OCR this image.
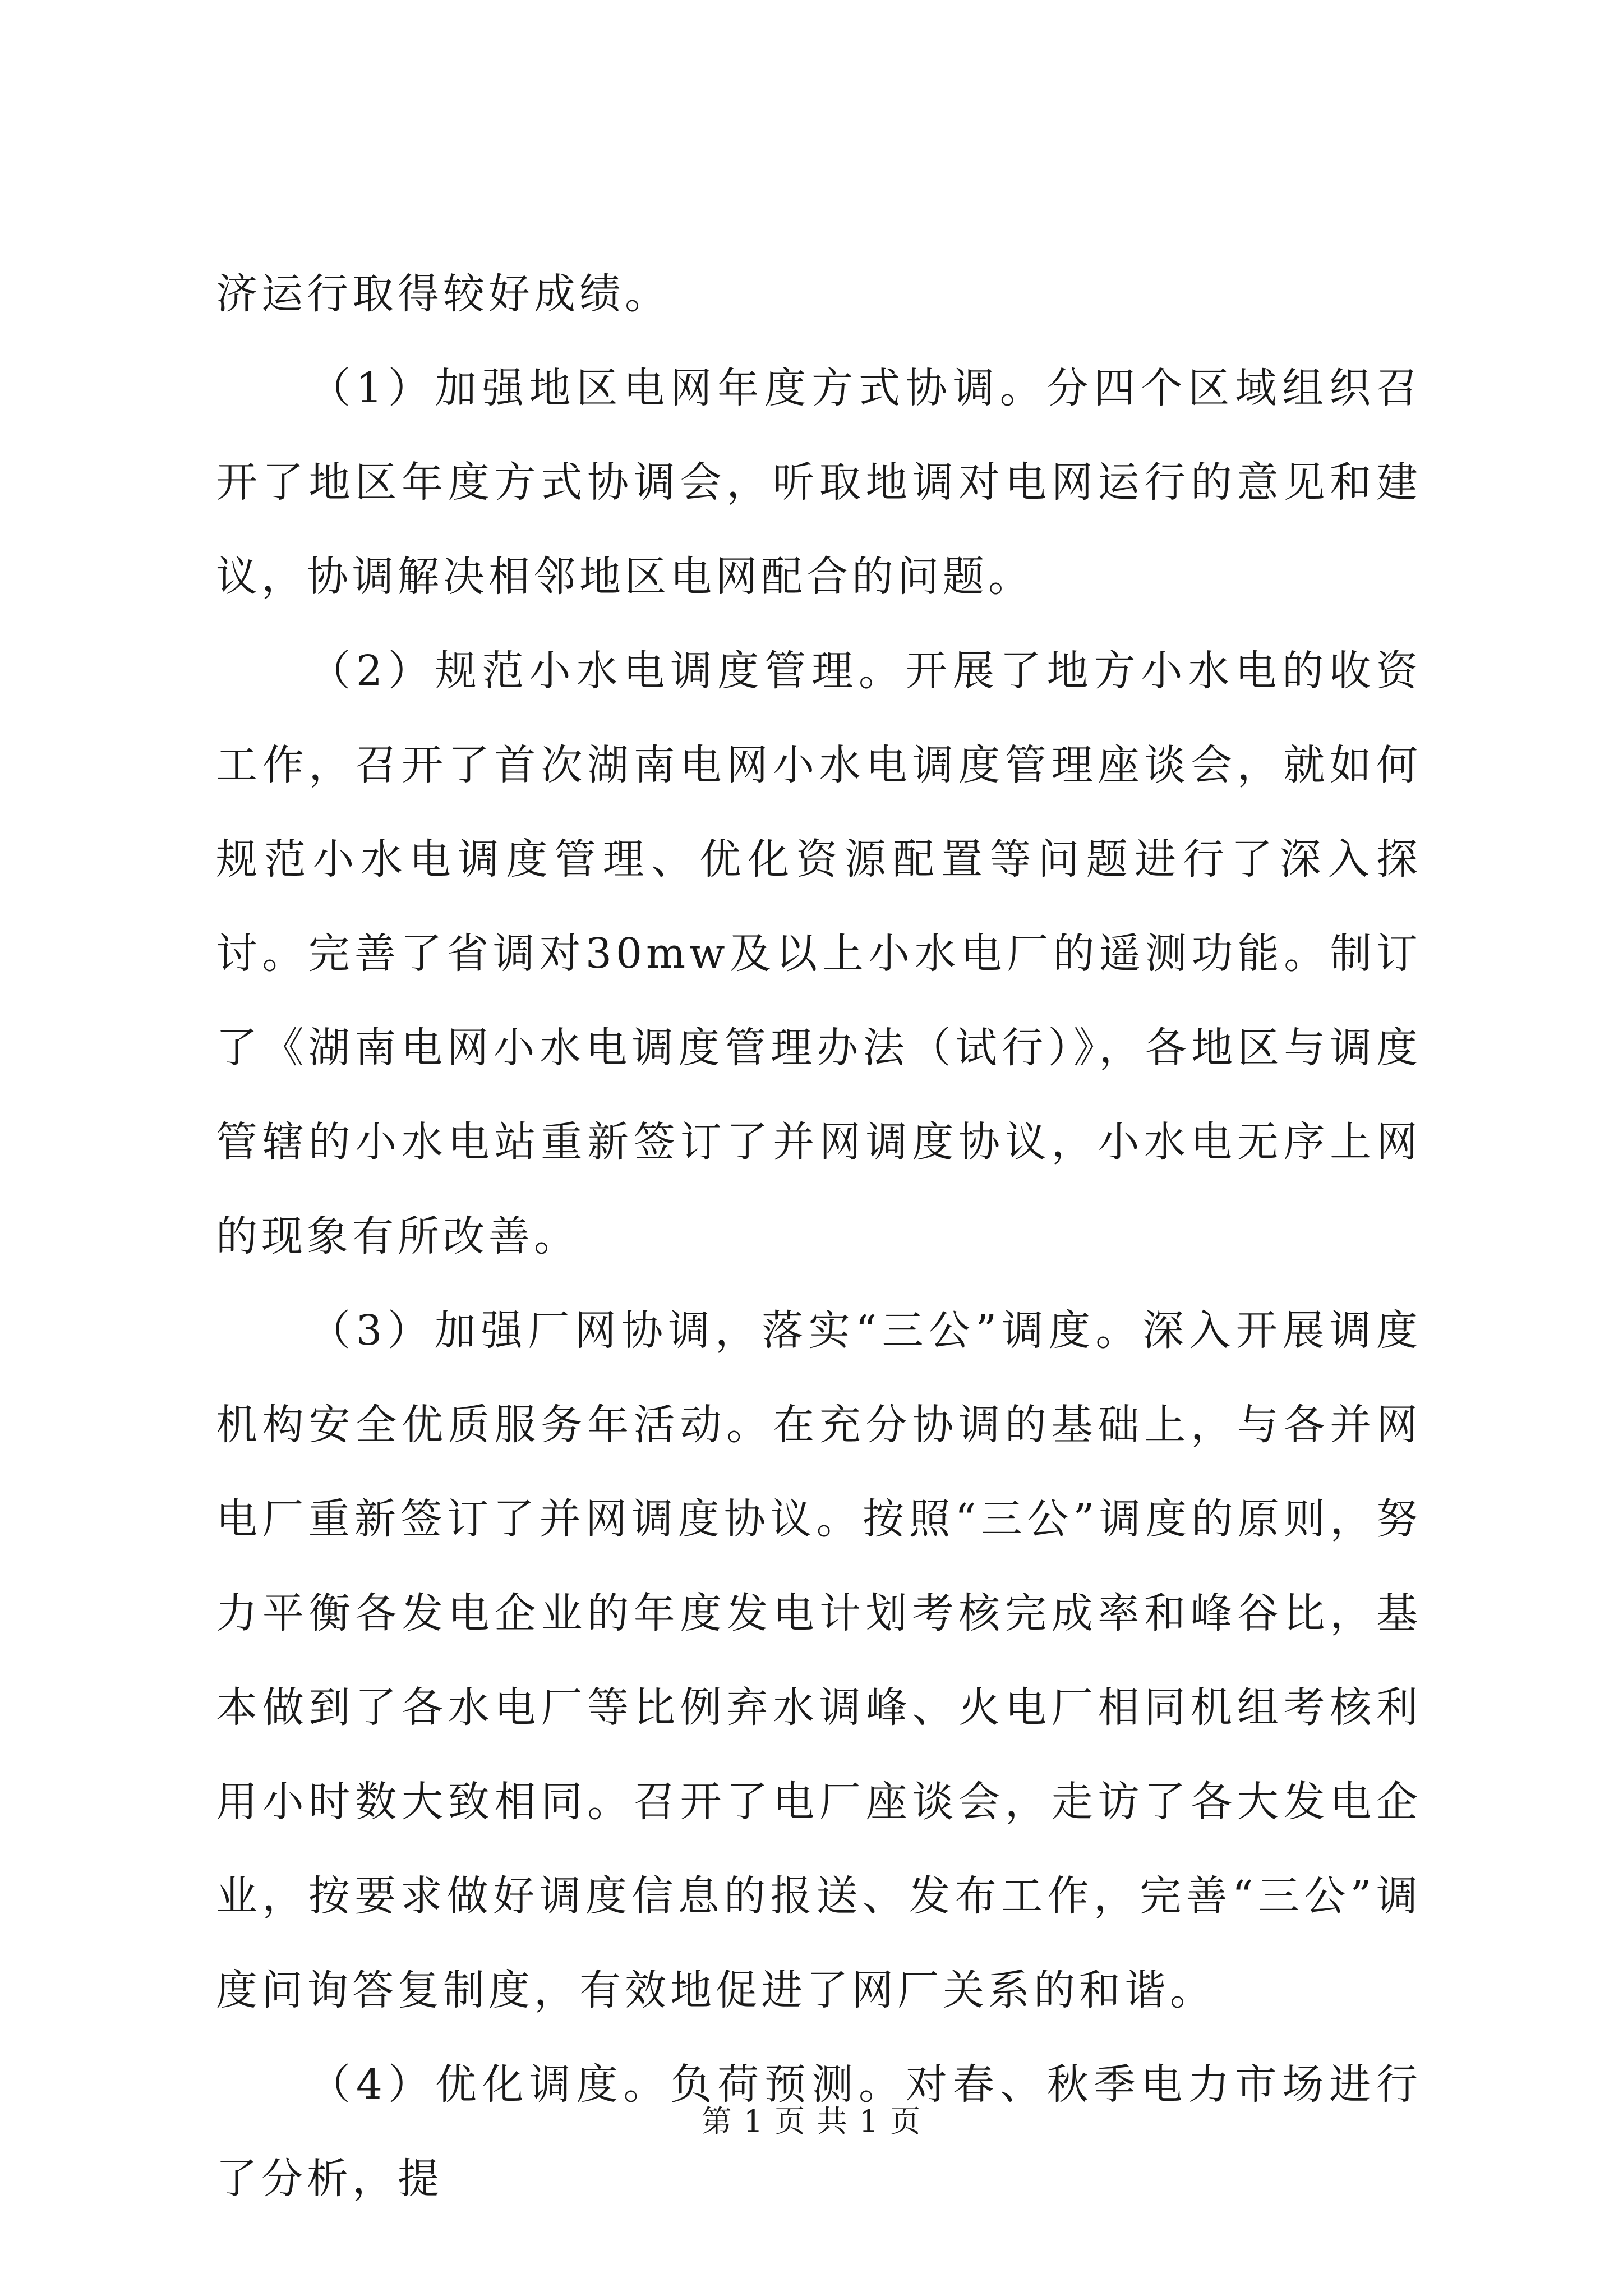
济运行取得较好成绩。

（1）加强地区电网年度方式协调。分四个区域组织召开了地区年度方式协调会，听取地调对电网运行的意见和建议，协调解决相邻地区电网配合的问题。

（2）规范小水电调度管理。开展了地方小水电的收资工作，召开了首次湖南电网小水电调度管理座谈会，就如何规范小水电调度管理、优化资源配置等问题进行了深入探讨。完善了省调对30mw及以上小水电厂的遥测功能。制订了《湖南电网小水电调度管理办法（试行）》，各地区与调度管辖的小水电站重新签订了并网调度协议，小水电无序上网的现象有所改善。

（3）加强厂网协调，落实“三公”调度。深入开展调度机构安全优质服务年活动。在充分协调的基础上，与各并网电厂重新签订了并网调度协议。按照“三公”调度的原则，努力平衡各发电企业的年度发电计划考核完成率和峰谷比，基本做到了各水电厂等比例弃水调峰、火电厂相同机组考核利用小时数大致相同。召开了电厂座谈会，走访了各大发电企业，按要求做好调度信息的报送、发布工作，完善“三公”调度问询答复制度，有效地促进了网厂关系的和谐。

（4）优化调度。负荷预测。对春、秋季电力市场进行了分析，提

第 1 页 共 1 页
